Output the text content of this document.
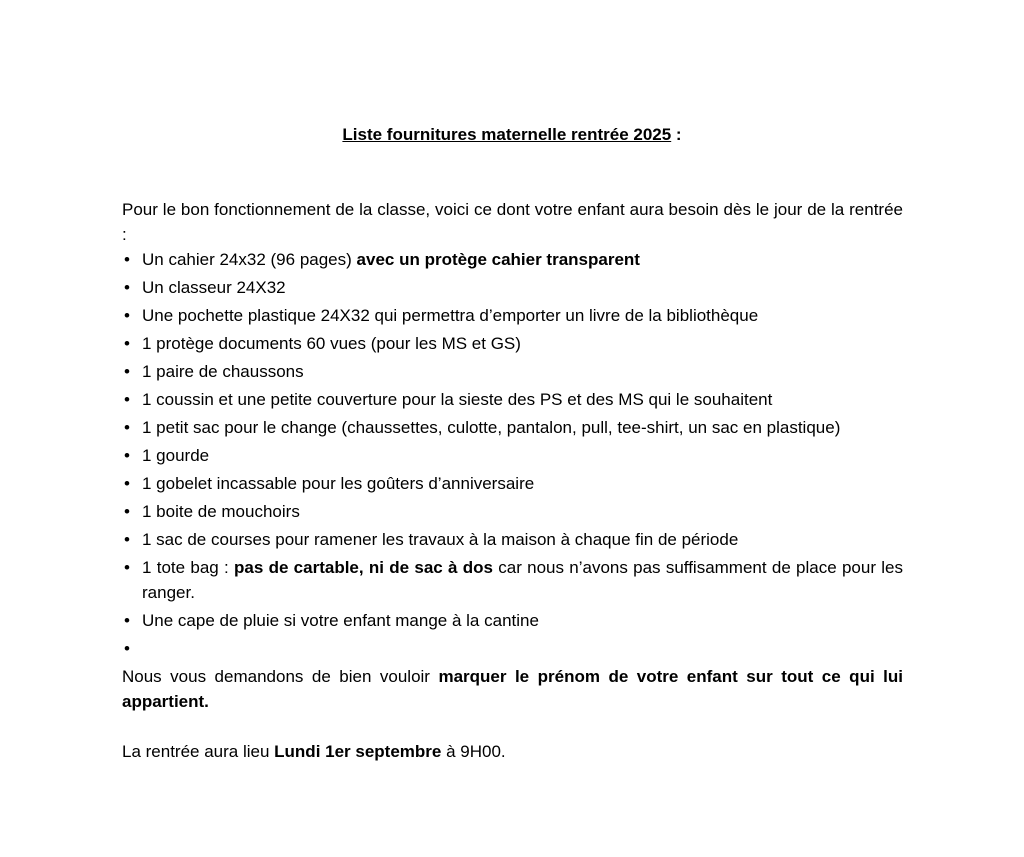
Liste fournitures maternelle rentrée 2025 :

Pour le bon fonctionnement de la classe, voici ce dont votre enfant aura besoin dès le jour de la rentrée :

• Un cahier 24x32 (96 pages) avec un protège cahier transparent
• Un classeur 24X32
• Une pochette plastique 24X32 qui permettra d’emporter un livre de la bibliothèque
• 1 protège documents 60 vues (pour les MS et GS)
• 1 paire de chaussons
• 1 coussin et une petite couverture pour la sieste des PS et des MS qui le souhaitent
• 1 petit sac pour le change (chaussettes, culotte, pantalon, pull, tee-shirt, un sac en plastique)
• 1 gourde
• 1 gobelet incassable pour les goûters d’anniversaire
• 1 boite de mouchoirs
• 1 sac de courses pour ramener les travaux à la maison à chaque fin de période
• 1 tote bag : pas de cartable, ni de sac à dos car nous n’avons pas suffisamment de place pour les ranger.
• Une cape de pluie si votre enfant mange à la cantine
•

Nous vous demandons de bien vouloir marquer le prénom de votre enfant sur tout ce qui lui appartient.

La rentrée aura lieu Lundi 1er septembre à 9H00.
